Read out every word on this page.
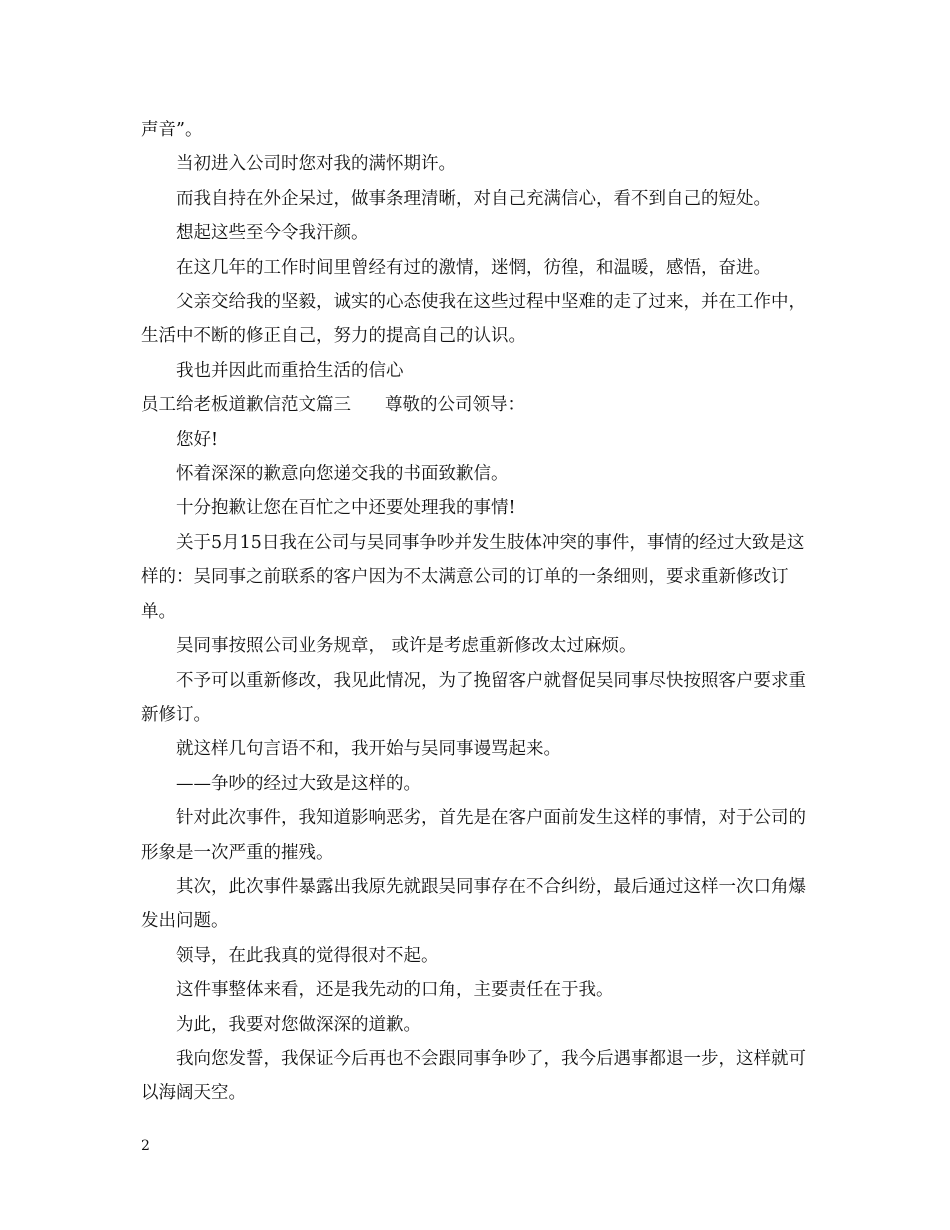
声音”。

当初进入公司时您对我的满怀期许。

而我自持在外企呆过，做事条理清晰，对自己充满信心，看不到自己的短处。

想起这些至今令我汗颜。

在这几年的工作时间里曾经有过的激情，迷惘，彷徨，和温暖，感悟，奋进。

父亲交给我的坚毅，诚实的心态使我在这些过程中坚难的走了过来，并在工作中，生活中不断的修正自己，努力的提高自己的认识。

我也并因此而重拾生活的信心

员工给老板道歉信范文篇三 尊敬的公司领导：

您好!

怀着深深的歉意向您递交我的书面致歉信。

十分抱歉让您在百忙之中还要处理我的事情!

关于5月15日我在公司与吴同事争吵并发生肢体冲突的事件，事情的经过大致是这样的：吴同事之前联系的客户因为不太满意公司的订单的一条细则，要求重新修改订单。

吴同事按照公司业务规章， 或许是考虑重新修改太过麻烦。

不予可以重新修改，我见此情况，为了挽留客户就督促吴同事尽快按照客户要求重新修订。

就这样几句言语不和，我开始与吴同事谩骂起来。

——争吵的经过大致是这样的。

针对此次事件，我知道影响恶劣，首先是在客户面前发生这样的事情，对于公司的形象是一次严重的摧残。

其次，此次事件暴露出我原先就跟吴同事存在不合纠纷，最后通过这样一次口角爆发出问题。

领导，在此我真的觉得很对不起。

这件事整体来看，还是我先动的口角，主要责任在于我。

为此，我要对您做深深的道歉。

我向您发誓，我保证今后再也不会跟同事争吵了，我今后遇事都退一步，这样就可以海阔天空。

2
